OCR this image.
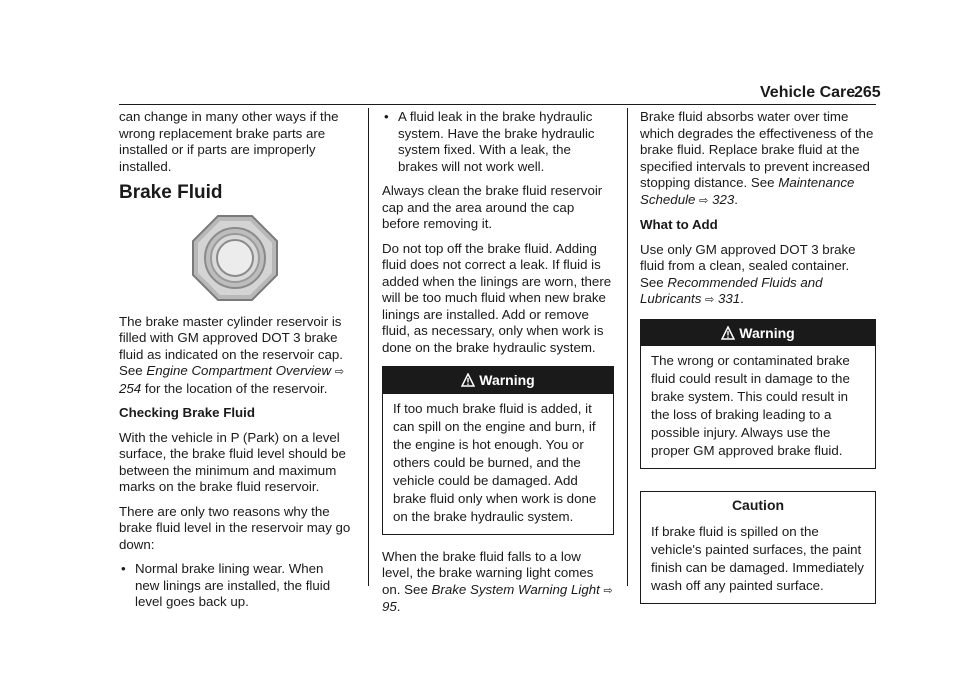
Vehicle Care
265

can change in many other ways if the wrong replacement brake parts are installed or if parts are improperly installed.

Brake Fluid

The brake master cylinder reservoir is filled with GM approved DOT 3 brake fluid as indicated on the reservoir cap. See Engine Compartment Overview ⇨ 254 for the location of the reservoir.

Checking Brake Fluid

With the vehicle in P (Park) on a level surface, the brake fluid level should be between the minimum and maximum marks on the brake fluid reservoir.

There are only two reasons why the brake fluid level in the reservoir may go down:

• Normal brake lining wear. When new linings are installed, the fluid level goes back up.

• A fluid leak in the brake hydraulic system. Have the brake hydraulic system fixed. With a leak, the brakes will not work well.

Always clean the brake fluid reservoir cap and the area around the cap before removing it.

Do not top off the brake fluid. Adding fluid does not correct a leak. If fluid is added when the linings are worn, there will be too much fluid when new brake linings are installed. Add or remove fluid, as necessary, only when work is done on the brake hydraulic system.

Warning
If too much brake fluid is added, it can spill on the engine and burn, if the engine is hot enough. You or others could be burned, and the vehicle could be damaged. Add brake fluid only when work is done on the brake hydraulic system.

When the brake fluid falls to a low level, the brake warning light comes on. See Brake System Warning Light ⇨ 95.

Brake fluid absorbs water over time which degrades the effectiveness of the brake fluid. Replace brake fluid at the specified intervals to prevent increased stopping distance. See Maintenance Schedule ⇨ 323.

What to Add

Use only GM approved DOT 3 brake fluid from a clean, sealed container. See Recommended Fluids and Lubricants ⇨ 331.

Warning
The wrong or contaminated brake fluid could result in damage to the brake system. This could result in the loss of braking leading to a possible injury. Always use the proper GM approved brake fluid.
Caution
If brake fluid is spilled on the vehicle's painted surfaces, the paint finish can be damaged. Immediately wash off any painted surface.
